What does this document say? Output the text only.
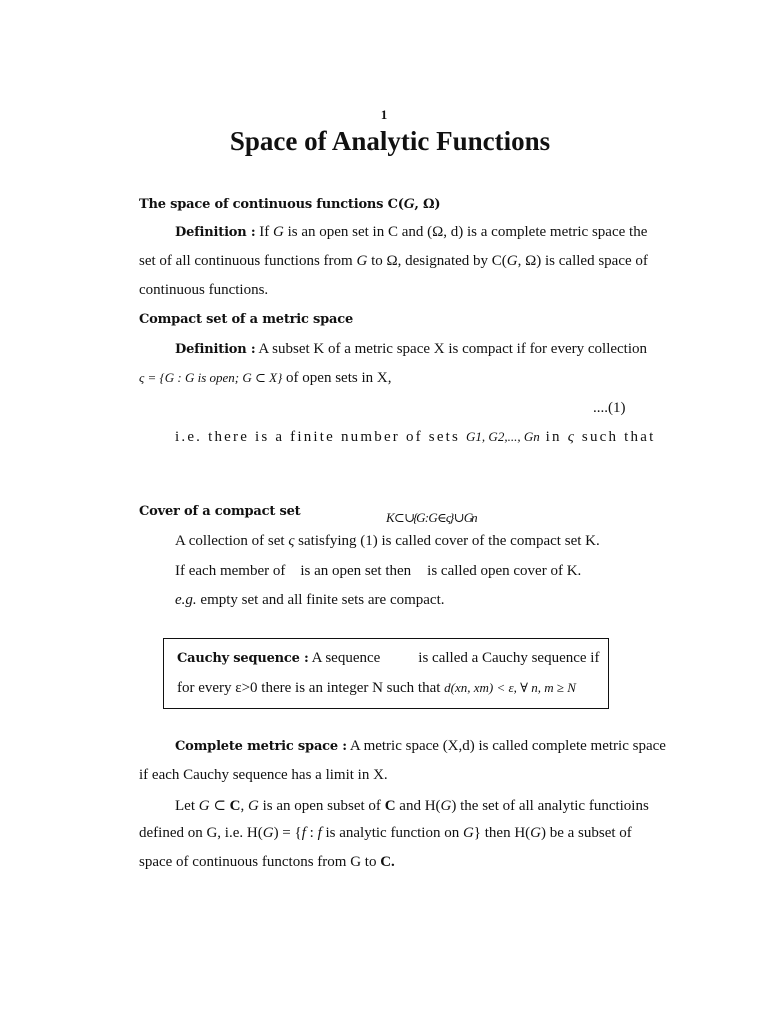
1
Space of Analytic Functions
The space of continuous functions C(G, Ω)
Definition : If G is an open set in C and (Ω, d) is a complete metric space the
set of all continuous functions from G to Ω, designated by C(G, Ω) is called space of
continuous functions.
Compact set of a metric space
Definition : A subset K of a metric space X is compact if for every collection
ς = {G : G is open; G ⊂ X} of open sets in X,
....(1)
i.e. there is a finite number of sets G1, G2,..., Gn in ς such that
Cover of a compact set	K ⊂ ∪{G : G ∈ ς} ∪ Gn
A collection of set ς satisfying (1) is called cover of the compact set K.
If each member of is an open set then is called open cover of K.
e.g. empty set and all finite sets are compact.
Cauchy sequence : A sequence	is called a Cauchy sequence if
for every ε>0 there is an integer N such that d(xn, xm) < ε, ∀ n, m ≥ N
Complete metric space : A metric space (X,d) is called complete metric space
if each Cauchy sequence has a limit in X.
Let G ⊂ C, G is an open subset of C and H(G) the set of all analytic functioins
defined on G, i.e. H(G) = {f : f is analytic function on G} then H(G) be a subset of
space of continuous functons from G to C.
